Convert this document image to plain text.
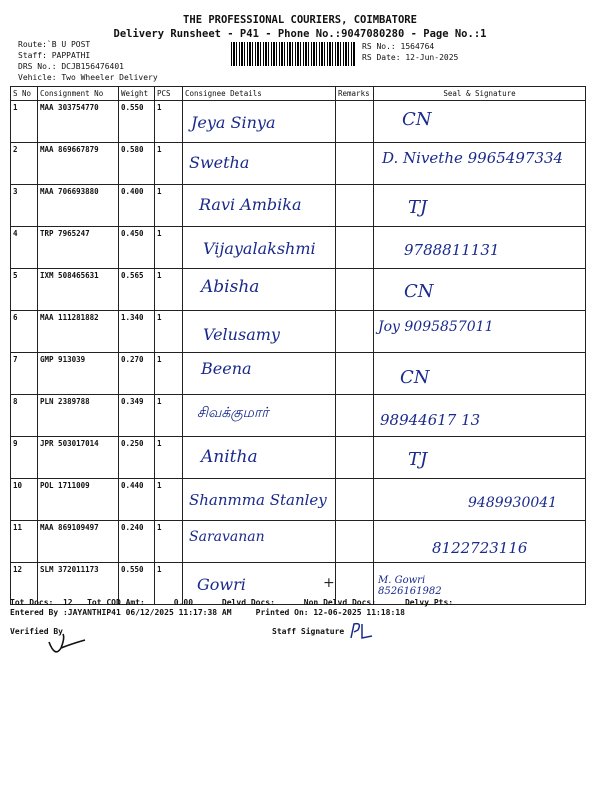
THE PROFESSIONAL COURIERS, COIMBATORE
Delivery Runsheet - P41 - Phone No.:9047080280 - Page No.:1
Route:`B U POST
Staff: PAPPATHI
DRS No.: DCJB156476401
Vehicle: Two Wheeler Delivery
RS No.: 1564764
RS Date: 12-Jun-2025
S No	Consignment No	Weight	PCS	Consignee Details	Remarks	Seal & Signature
1	MAA 303754770	0.550	1	Jeya Sinya		CN

2	MAA 869667879	0.580	1	Swetha		D. Nivethe 9965497334

3	MAA 706693880	0.400	1	Ravi Ambika		TJ

4	TRP 7965247	0.450	1	Vijayalakshmi		9788811131

5	IXM 508465631	0.565	1	Abisha		CN

6	MAA 111281882	1.340	1	Velusamy		Joy 9095857011

7	GMP 913039	0.270	1	Beena		CN

8	PLN 2389788	0.349	1	சிவக்குமார்		98944617 13

9	JPR 503017014	0.250	1	Anitha		TJ

10	POL 1711009	0.440	1	Shanmma Stanley		9489930041

11	MAA 869109497	0.240	1	Saravanan		8122723116

12	SLM 372011173	0.550	1	Gowri +		M. Gowri 8526161982
Tot Docs:  12   Tot COD Amt:      0.00      Delvd Docs:      Non Delvd Docs:      Delvy Pts:
Entered By :JAYANTHIP41 06/12/2025 11:17:38 AM     Printed On: 12-06-2025 11:18:18
Verified By	Staff Signature
